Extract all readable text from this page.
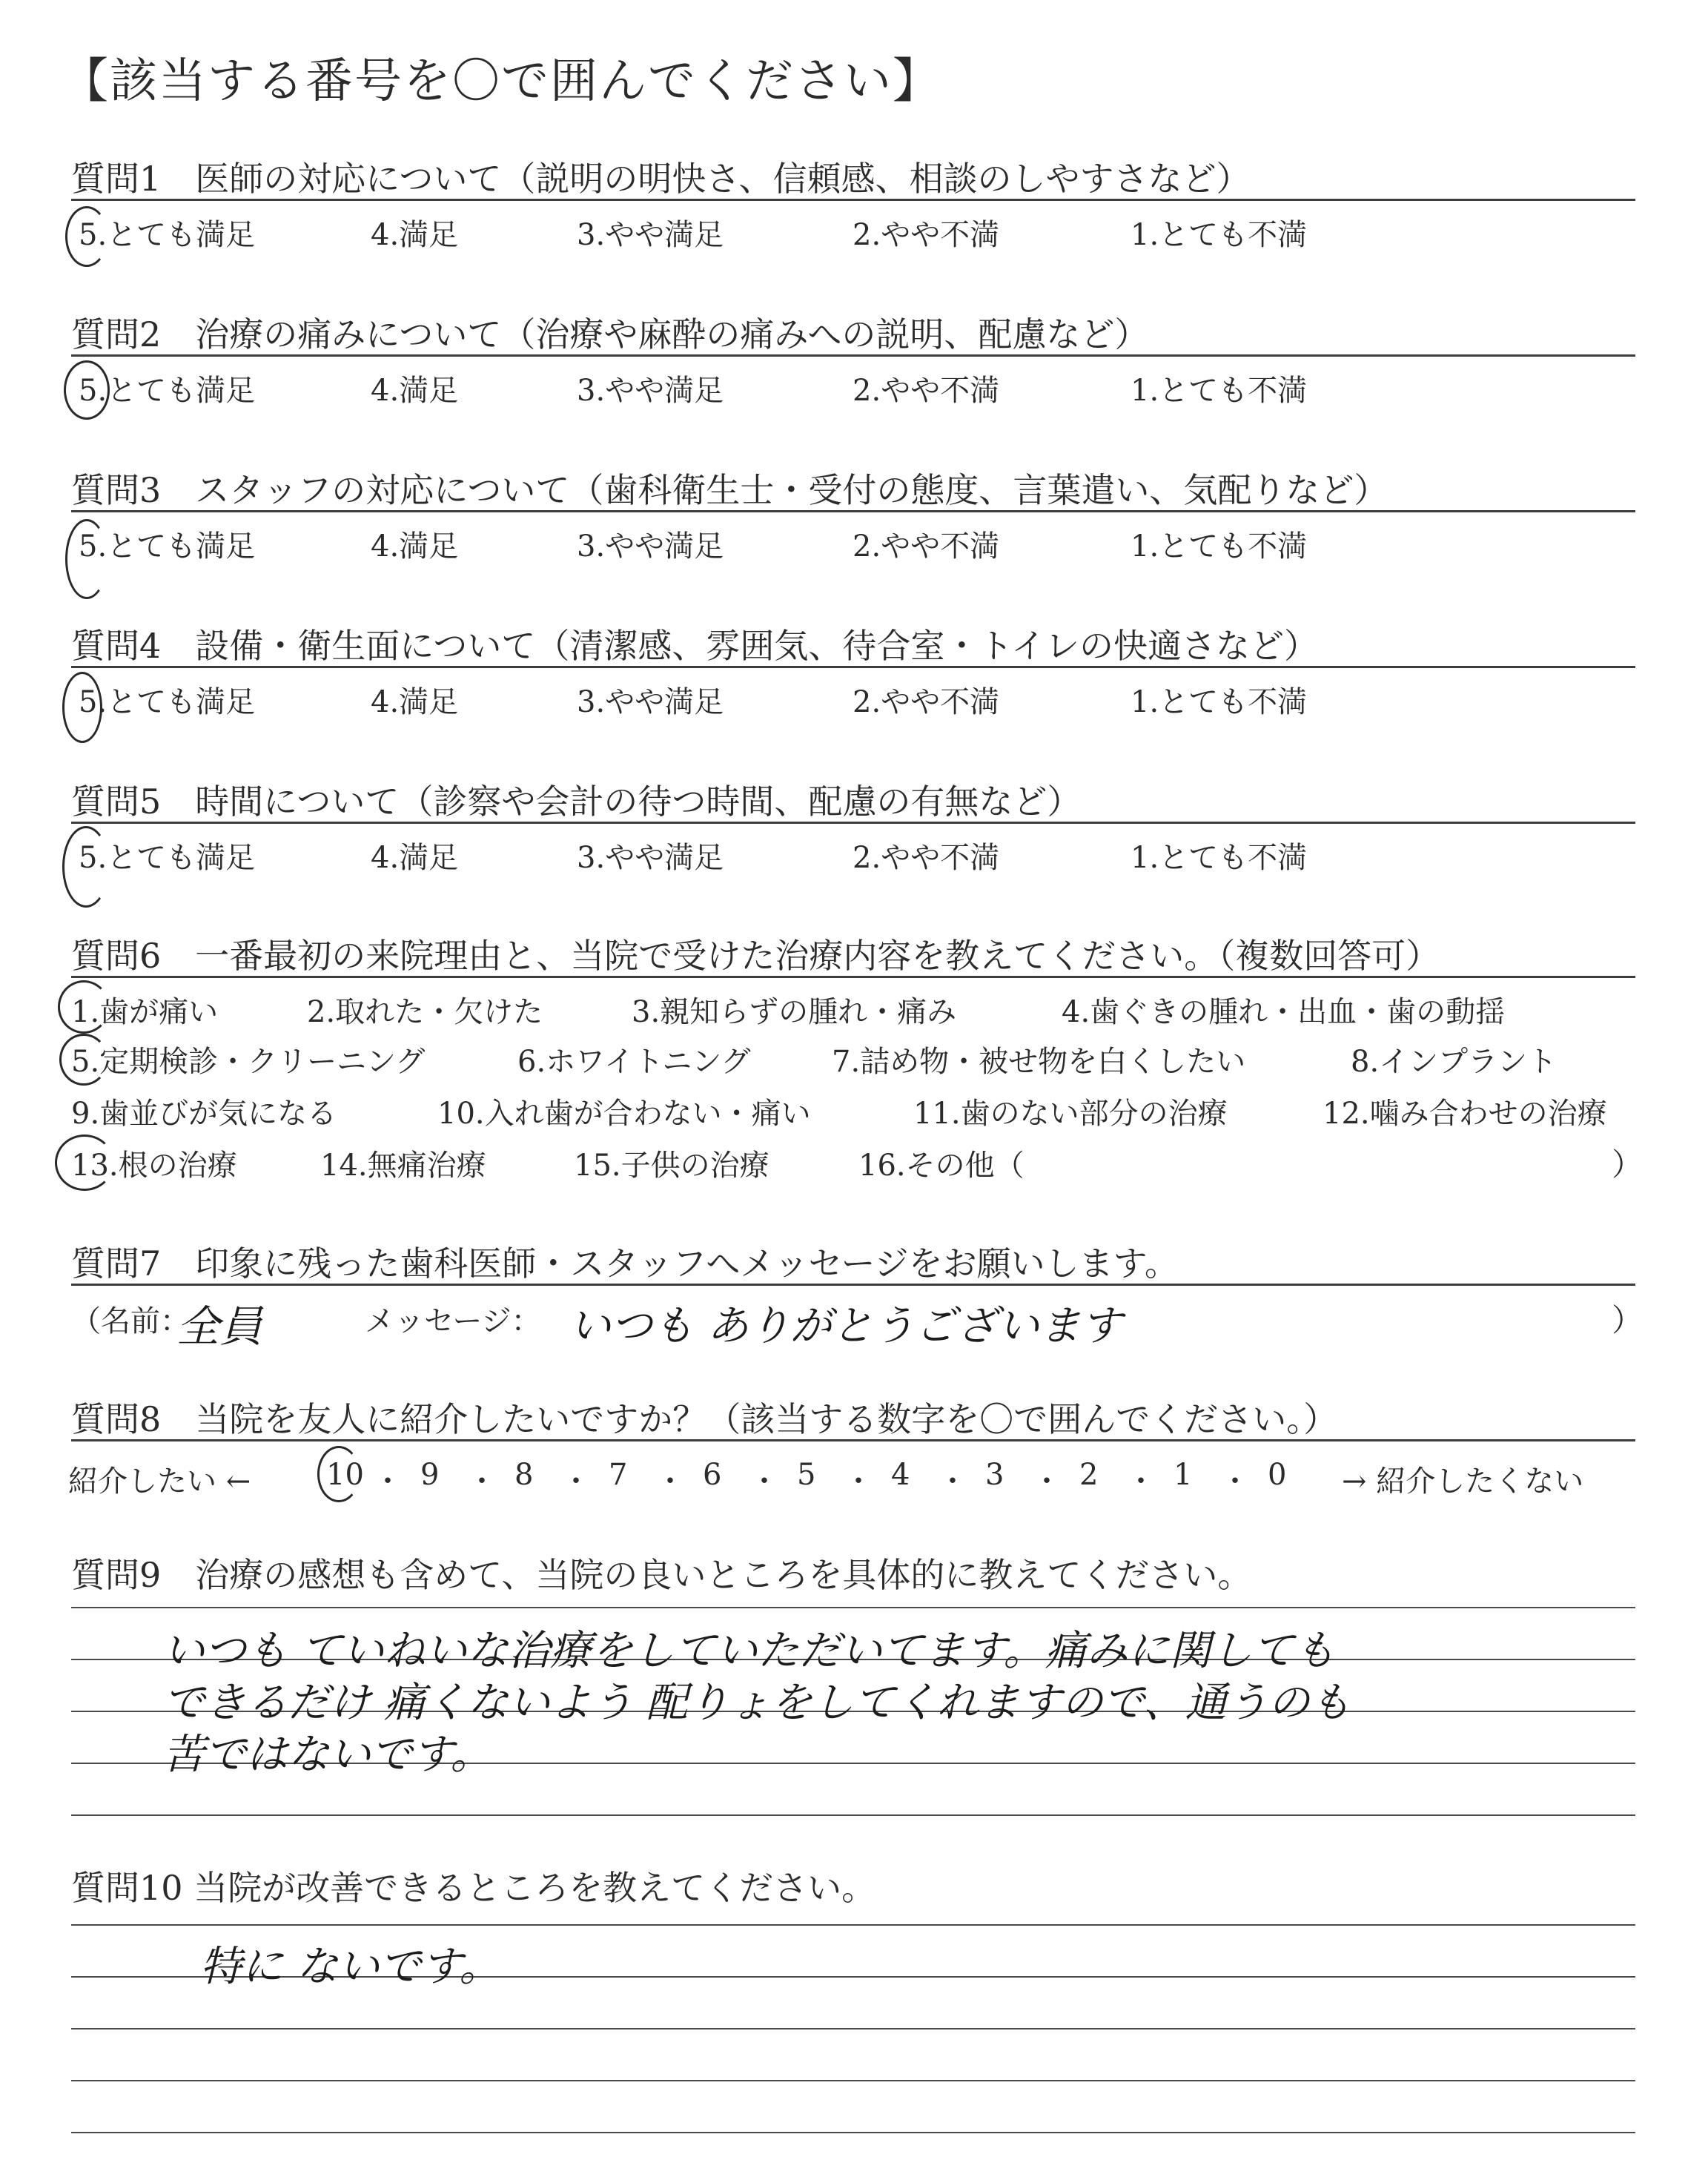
【該当する番号を〇で囲んでください】
質問1　医師の対応について（説明の明快さ、信頼感、相談のしやすさなど）
5.とても満足	4.満足	3.やや満足	2.やや不満	1.とても不満
質問2　治療の痛みについて（治療や麻酔の痛みへの説明、配慮など）
5.とても満足	4.満足	3.やや満足	2.やや不満	1.とても不満
質問3　スタッフの対応について（歯科衛生士・受付の態度、言葉遣い、気配りなど）
5.とても満足	4.満足	3.やや満足	2.やや不満	1.とても不満
質問4　設備・衛生面について（清潔感、雰囲気、待合室・トイレの快適さなど）
5.とても満足	4.満足	3.やや満足	2.やや不満	1.とても不満
質問5　時間について（診察や会計の待つ時間、配慮の有無など）
5.とても満足	4.満足	3.やや満足	2.やや不満	1.とても不満
質問6　一番最初の来院理由と、当院で受けた治療内容を教えてください。（複数回答可）
1.歯が痛い	2.取れた・欠けた	3.親知らずの腫れ・痛み	4.歯ぐきの腫れ・出血・歯の動揺
5.定期検診・クリーニング	6.ホワイトニング	7.詰め物・被せ物を白くしたい	8.インプラント
9.歯並びが気になる	10.入れ歯が合わない・痛い	11.歯のない部分の治療	12.噛み合わせの治療
13.根の治療	14.無痛治療	15.子供の治療	16.その他（	）
質問7　印象に残った歯科医師・スタッフへメッセージをお願いします。
（名前：
全員	メッセージ： いつも ありがとうございます	）
質問8　当院を友人に紹介したいですか？（該当する数字を〇で囲んでください。）
紹介したい ←	10 ・ 9 ・ 8 ・ 7 ・ 6 ・ 5 ・ 4 ・ 3 ・ 2 ・ 1 ・ 0 → 紹介したくない
質問9　治療の感想も含めて、当院の良いところを具体的に教えてください。
いつも ていねいな治療をしていただいてます。痛みに関しても
できるだけ 痛くないよう 配りょをしてくれますので、通うのも
苦ではないです。
質問10 当院が改善できるところを教えてください。
特に ないです。
